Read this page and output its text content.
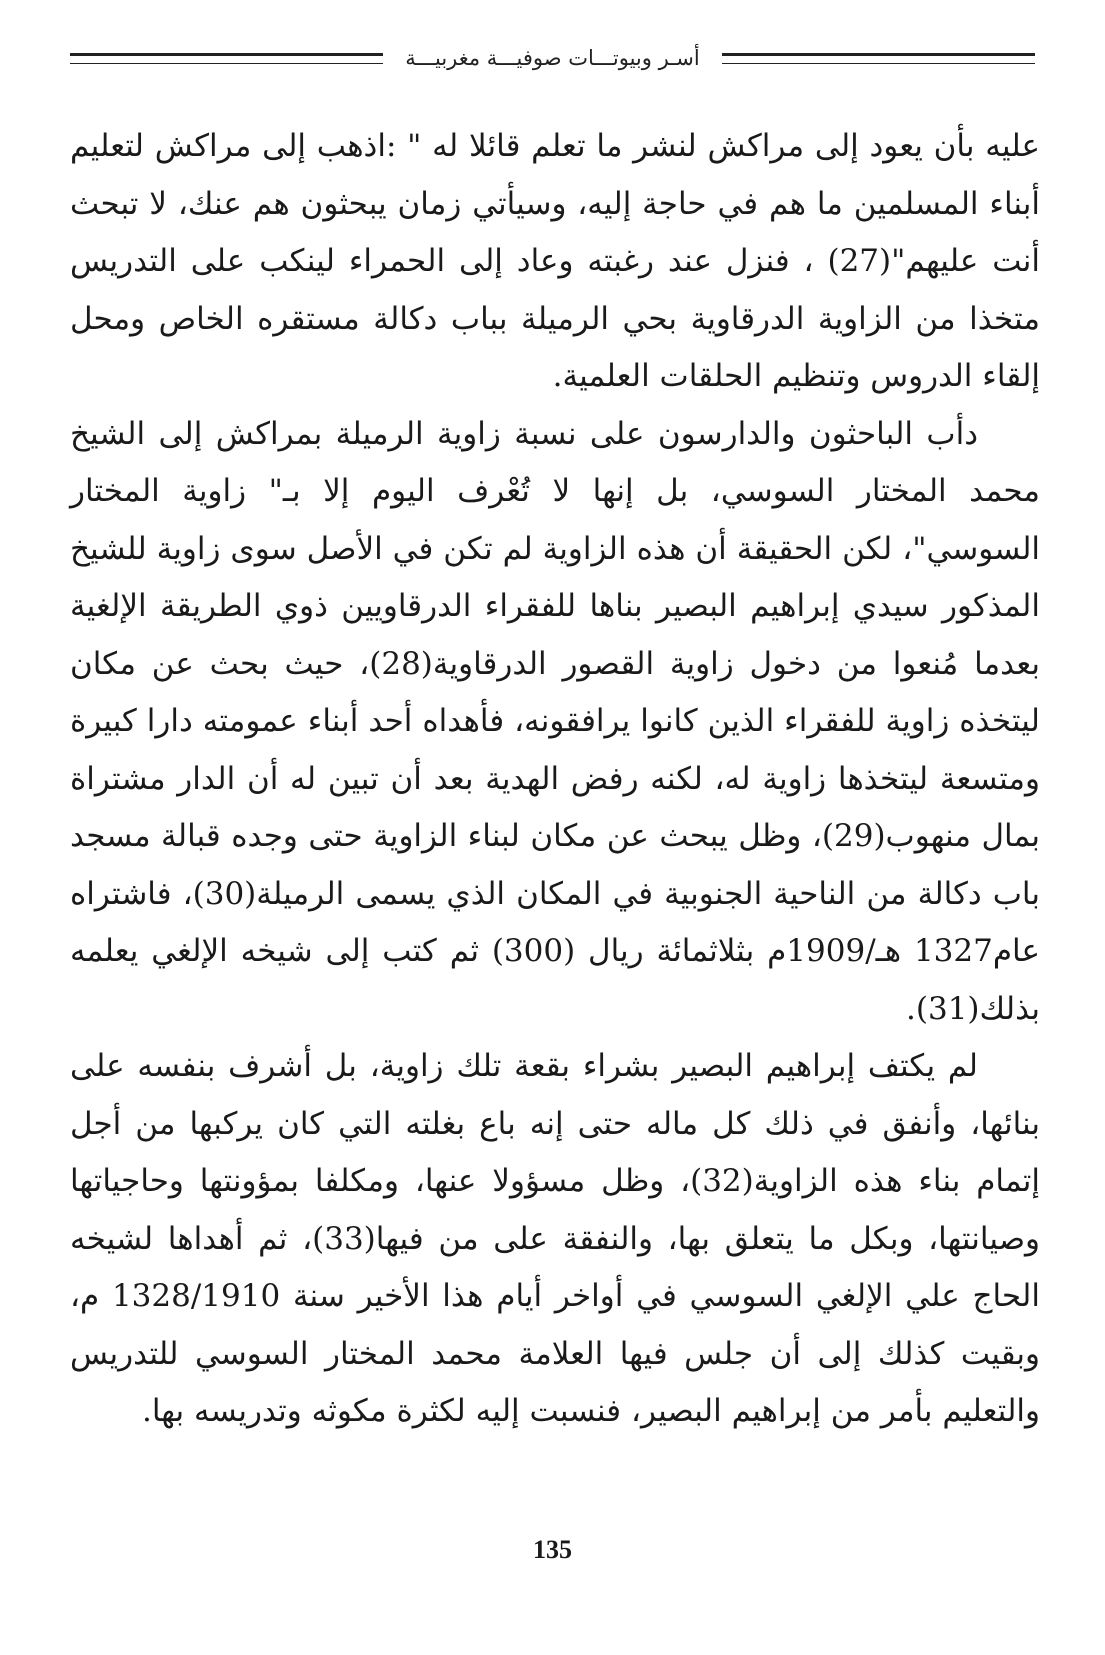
أسـر وبيوتـــات صوفيـــة مغربيـــة

عليه بأن يعود إلى مراكش لنشر ما تعلم قائلا له " :اذهب إلى مراكش لتعليم أبناء المسلمين ما هم في حاجة إليه، وسيأتي زمان يبحثون هم عنك، لا تبحث أنت عليهم"(27) ، فنزل عند رغبته وعاد إلى الحمراء لينكب على التدريس متخذا من الزاوية الدرقاوية بحي الرميلة بباب دكالة مستقره الخاص ومحل إلقاء الدروس وتنظيم الحلقات العلمية.

دأب الباحثون والدارسون على نسبة زاوية الرميلة بمراكش إلى الشيخ محمد المختار السوسي، بل إنها لا تُعْرف اليوم إلا بـ" زاوية المختار السوسي"، لكن الحقيقة أن هذه الزاوية لم تكن في الأصل سوى زاوية للشيخ المذكور سيدي إبراهيم البصير بناها للفقراء الدرقاويين ذوي الطريقة الإلغية بعدما مُنعوا من دخول زاوية القصور الدرقاوية(28)، حيث بحث عن مكان ليتخذه زاوية للفقراء الذين كانوا يرافقونه، فأهداه أحد أبناء عمومته دارا كبيرة ومتسعة ليتخذها زاوية له، لكنه رفض الهدية بعد أن تبين له أن الدار مشتراة بمال منهوب(29)، وظل يبحث عن مكان لبناء الزاوية حتى وجده قبالة مسجد باب دكالة من الناحية الجنوبية في المكان الذي يسمى الرميلة(30)، فاشتراه عام1327 هـ/1909م بثلاثمائة ريال (300) ثم كتب إلى شيخه الإلغي يعلمه بذلك(31).

لم يكتف إبراهيم البصير بشراء بقعة تلك زاوية، بل أشرف بنفسه على بنائها، وأنفق في ذلك كل ماله حتى إنه باع بغلته التي كان يركبها من أجل إتمام بناء هذه الزاوية(32)، وظل مسؤولا عنها، ومكلفا بمؤونتها وحاجياتها وصيانتها، وبكل ما يتعلق بها، والنفقة على من فيها(33)، ثم أهداها لشيخه الحاج علي الإلغي السوسي في أواخر أيام هذا الأخير سنة 1328/1910 م، وبقيت كذلك إلى أن جلس فيها العلامة محمد المختار السوسي للتدريس والتعليم بأمر من إبراهيم البصير، فنسبت إليه لكثرة مكوثه وتدريسه بها.

135
